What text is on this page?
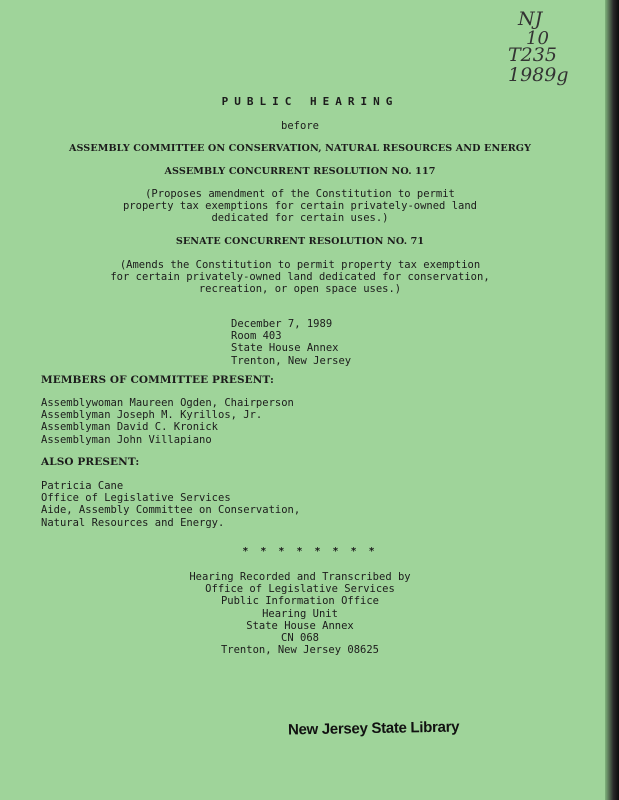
NJ
10
T235
1989g
PUBLIC HEARING
before
ASSEMBLY COMMITTEE ON CONSERVATION, NATURAL RESOURCES AND ENERGY
ASSEMBLY CONCURRENT RESOLUTION NO. 117
(Proposes amendment of the Constitution to permit
property tax exemptions for certain privately-owned land
dedicated for certain uses.)
SENATE CONCURRENT RESOLUTION NO. 71
(Amends the Constitution to permit property tax exemption
for certain privately-owned land dedicated for conservation,
recreation, or open space uses.)
December 7, 1989
Room 403
State House Annex
Trenton, New Jersey
MEMBERS OF COMMITTEE PRESENT:
Assemblywoman Maureen Ogden, Chairperson
Assemblyman Joseph M. Kyrillos, Jr.
Assemblyman David C. Kronick
Assemblyman John Villapiano
ALSO PRESENT:
Patricia Cane
Office of Legislative Services
Aide, Assembly Committee on Conservation,
Natural Resources and Energy.
* * * * * * * *
Hearing Recorded and Transcribed by
Office of Legislative Services
Public Information Office
Hearing Unit
State House Annex
CN 068
Trenton, New Jersey 08625
New Jersey State Library
